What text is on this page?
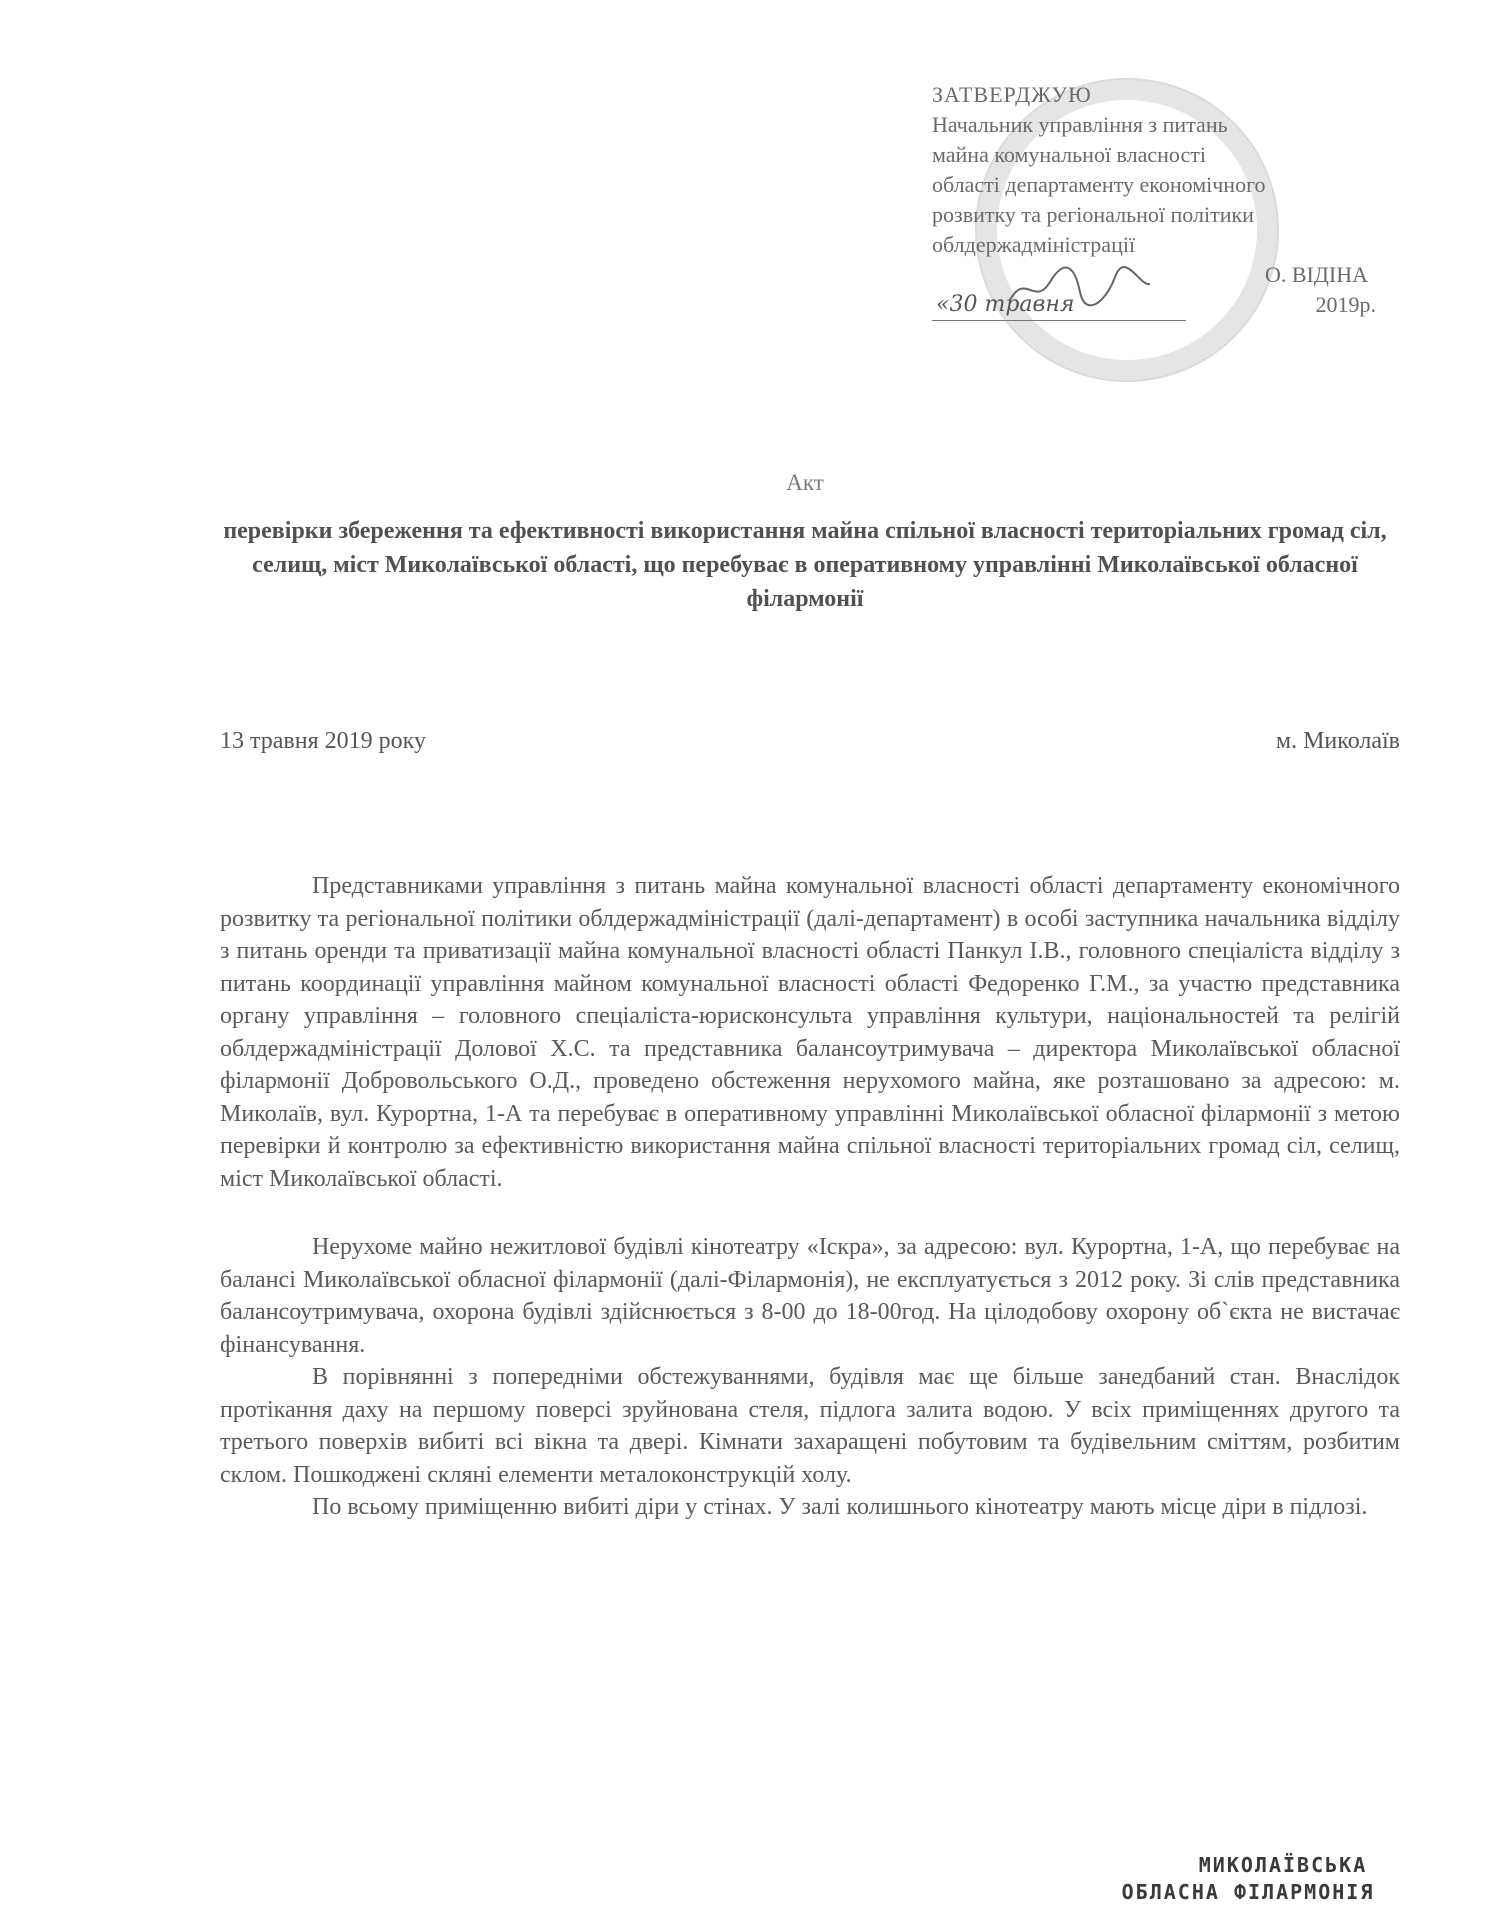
ЗАТВЕРДЖУЮ
Начальник управління з питань
майна комунальної власності
області департаменту економічного
розвитку та регіональної політики
облдержадміністрації
О. ВІДІНА
«30 травня	2019р.
Акт
перевірки збереження та ефективності використання майна спільної власності територіальних громад сіл, селищ, міст Миколаївської області, що перебуває в оперативному управлінні Миколаївської обласної філармонії
13 травня 2019 року	м. Миколаїв

Представниками управління з питань майна комунальної власності області департаменту економічного розвитку та регіональної політики облдержадміністрації (далі-департамент) в особі заступника начальника відділу з питань оренди та приватизації майна комунальної власності області Панкул І.В., головного спеціаліста відділу з питань координації управління майном комунальної власності області Федоренко Г.М., за участю представника органу управління – головного спеціаліста-юрисконсульта управління культури, національностей та релігій облдержадміністрації Долової Х.С. та представника балансоутримувача – директора Миколаївської обласної філармонії Добровольського О.Д., проведено обстеження нерухомого майна, яке розташовано за адресою: м. Миколаїв, вул. Курортна, 1-А та перебуває в оперативному управлінні Миколаївської обласної філармонії з метою перевірки й контролю за ефективністю використання майна спільної власності територіальних громад сіл, селищ, міст Миколаївської області.

Нерухоме майно нежитлової будівлі кінотеатру «Іскра», за адресою: вул. Курортна, 1-А, що перебуває на балансі Миколаївської обласної філармонії (далі-Філармонія), не експлуатується з 2012 року. Зі слів представника балансоутримувача, охорона будівлі здійснюється з 8-00 до 18-00год. На цілодобову охорону об`єкта не вистачає фінансування.

В порівнянні з попередніми обстежуваннями, будівля має ще більше занедбаний стан. Внаслідок протікання даху на першому поверсі зруйнована стеля, підлога залита водою. У всіх приміщеннях другого та третього поверхів вибиті всі вікна та двері. Кімнати захаращені побутовим та будівельним сміттям, розбитим склом. Пошкоджені скляні елементи металоконструкцій холу.

По всьому приміщенню вибиті діри у стінах. У залі колишнього кінотеатру мають місце діри в підлозі.

МИКОЛАЇВСЬКА
ОБЛАСНА ФІЛАРМОНІЯ
